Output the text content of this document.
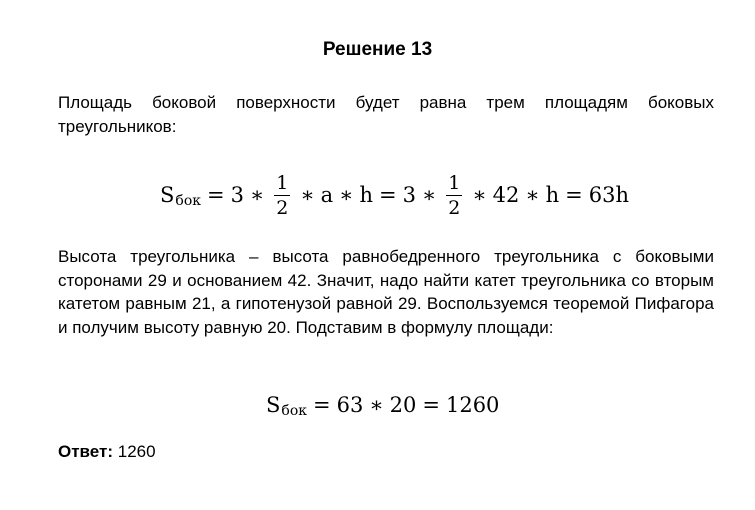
Решение 13
Площадь боковой поверхности будет равна трем площадям боковых треугольников:
S бок = 3 ∗ $\frac{1}{2}$ ∗ a ∗ h = 3 ∗ $\frac{1}{2}$ ∗ 42 ∗ h = 63h
Высота треугольника – высота равнобедренного треугольника с боковыми сторонами 29 и основанием 42. Значит, надо найти катет треугольника со вторым катетом равным 21, а гипотенузой равной 29. Воспользуемся теоремой Пифагора и получим высоту равную 20. Подставим в формулу площади:
S бок = 63 ∗ 20 = 1260
Ответ: 1260
